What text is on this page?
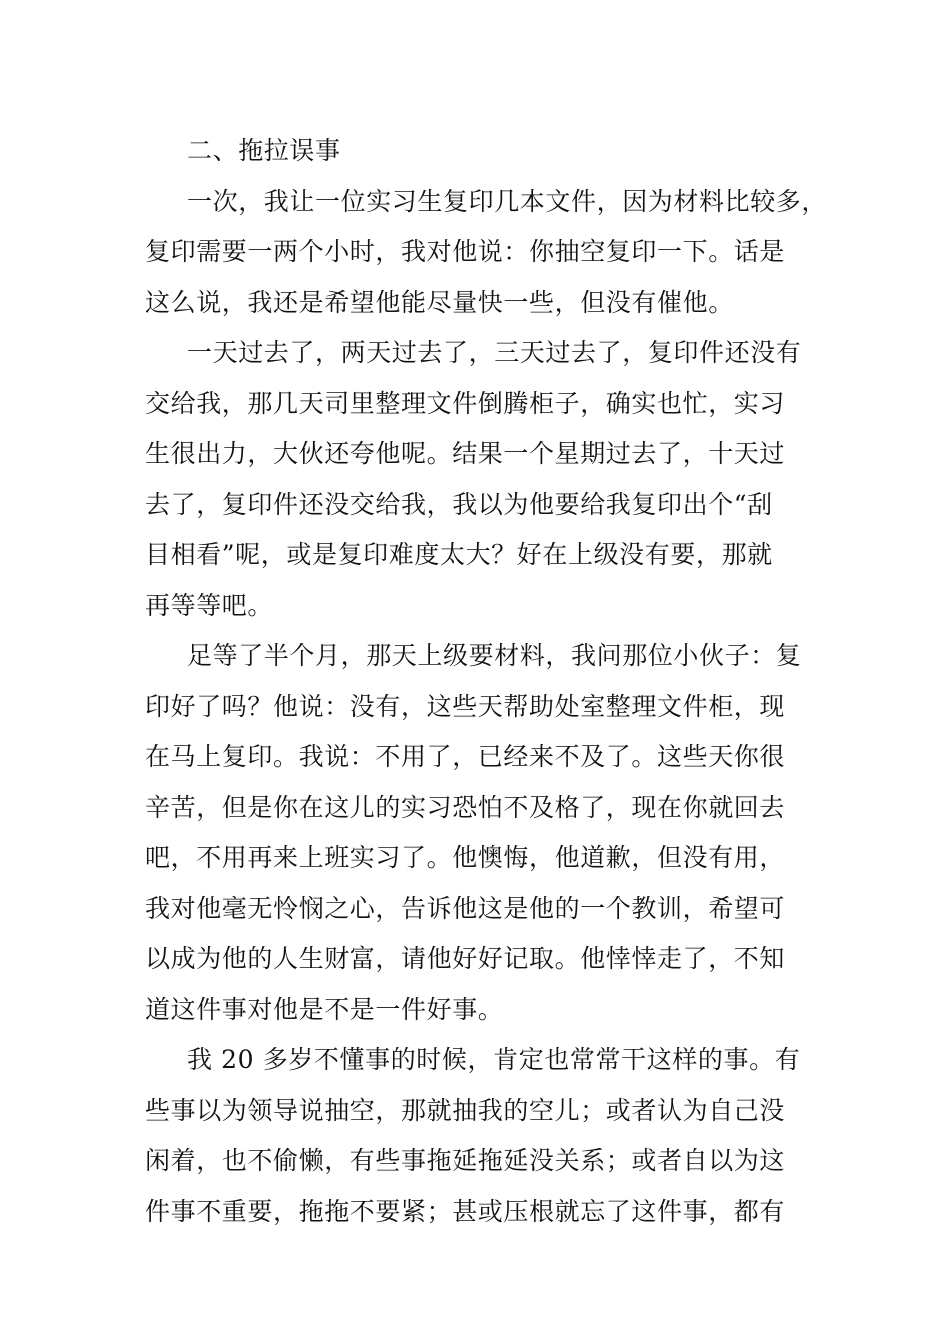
二、拖拉误事
一次，我让一位实习生复印几本文件，因为材料比较多，
复印需要一两个小时，我对他说：你抽空复印一下。话是
这么说，我还是希望他能尽量快一些，但没有催他。
一天过去了，两天过去了，三天过去了，复印件还没有
交给我，那几天司里整理文件倒腾柜子，确实也忙，实习
生很出力，大伙还夸他呢。结果一个星期过去了，十天过
去了，复印件还没交给我，我以为他要给我复印出个“刮
目相看”呢，或是复印难度太大？好在上级没有要，那就
再等等吧。
足等了半个月，那天上级要材料，我问那位小伙子：复
印好了吗？他说：没有，这些天帮助处室整理文件柜，现
在马上复印。我说：不用了，已经来不及了。这些天你很
辛苦，但是你在这儿的实习恐怕不及格了，现在你就回去
吧，不用再来上班实习了。他懊悔，他道歉，但没有用，
我对他毫无怜悯之心，告诉他这是他的一个教训，希望可
以成为他的人生财富，请他好好记取。他悻悻走了，不知
道这件事对他是不是一件好事。
我 20 多岁不懂事的时候，肯定也常常干这样的事。有
些事以为领导说抽空，那就抽我的空儿；或者认为自己没
闲着，也不偷懒，有些事拖延拖延没关系；或者自以为这
件事不重要，拖拖不要紧；甚或压根就忘了这件事，都有
